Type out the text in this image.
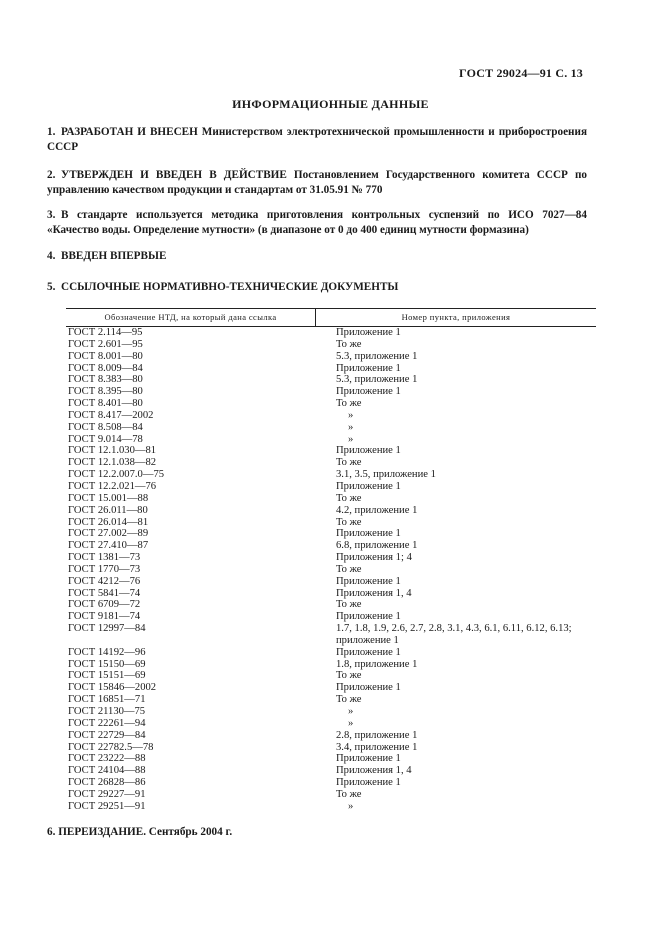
ГОСТ 29024—91 С. 13
ИНФОРМАЦИОННЫЕ ДАННЫЕ
1. РАЗРАБОТАН И ВНЕСЕН Министерством электротехнической промышленности и приборостроения СССР
2. УТВЕРЖДЕН И ВВЕДЕН В ДЕЙСТВИЕ Постановлением Государственного комитета СССР по управлению качеством продукции и стандартам от 31.05.91 № 770
3. В стандарте используется методика приготовления контрольных суспензий по ИСО 7027—84 «Качество воды. Определение мутности» (в диапазоне от 0 до 400 единиц мутности формазина)
4. ВВЕДЕН ВПЕРВЫЕ
5. ССЫЛОЧНЫЕ НОРМАТИВНО-ТЕХНИЧЕСКИЕ ДОКУМЕНТЫ
Обозначение НТД, на который дана ссылка	Номер пункта, приложения
ГОСТ 2.114—95	Приложение 1
ГОСТ 2.601—95	То же
ГОСТ 8.001—80	5.3, приложение 1
ГОСТ 8.009—84	Приложение 1
ГОСТ 8.383—80	5.3, приложение 1
ГОСТ 8.395—80	Приложение 1
ГОСТ 8.401—80	То же
ГОСТ 8.417—2002	»
ГОСТ 8.508—84	»
ГОСТ 9.014—78	»
ГОСТ 12.1.030—81	Приложение 1
ГОСТ 12.1.038—82	То же
ГОСТ 12.2.007.0—75	3.1, 3.5, приложение 1
ГОСТ 12.2.021—76	Приложение 1
ГОСТ 15.001—88	То же
ГОСТ 26.011—80	4.2, приложение 1
ГОСТ 26.014—81	То же
ГОСТ 27.002—89	Приложение 1
ГОСТ 27.410—87	6.8, приложение 1
ГОСТ 1381—73	Приложения 1; 4
ГОСТ 1770—73	То же
ГОСТ 4212—76	Приложение 1
ГОСТ 5841—74	Приложения 1, 4
ГОСТ 6709—72	То же
ГОСТ 9181—74	Приложение 1
ГОСТ 12997—84	1.7, 1.8, 1.9, 2.6, 2.7, 2.8, 3.1, 4.3, 6.1, 6.11, 6.12, 6.13; приложение 1
ГОСТ 14192—96	Приложение 1
ГОСТ 15150—69	1.8, приложение 1
ГОСТ 15151—69	То же
ГОСТ 15846—2002	Приложение 1
ГОСТ 16851—71	То же
ГОСТ 21130—75	»
ГОСТ 22261—94	»
ГОСТ 22729—84	2.8, приложение 1
ГОСТ 22782.5—78	3.4, приложение 1
ГОСТ 23222—88	Приложение 1
ГОСТ 24104—88	Приложения 1, 4
ГОСТ 26828—86	Приложение 1
ГОСТ 29227—91	То же
ГОСТ 29251—91	»
6. ПЕРЕИЗДАНИЕ. Сентябрь 2004 г.
